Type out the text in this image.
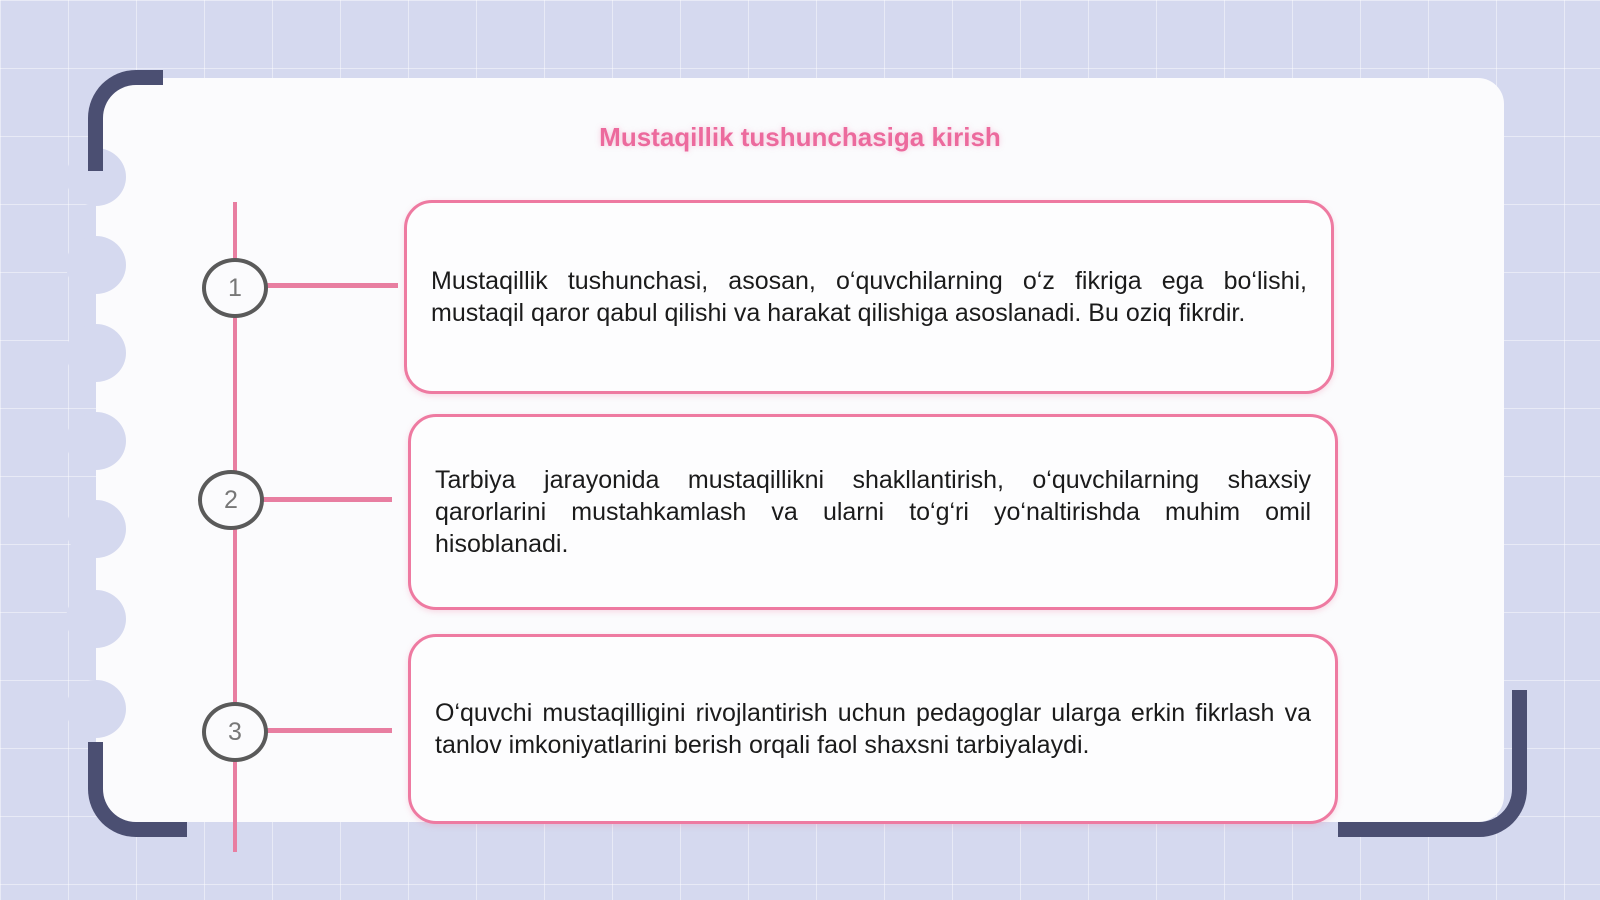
Mustaqillik tushunchasiga kirish
1
2
3

Mustaqillik tushunchasi, asosan, o‘quvchilarning o‘z fikriga ega bo‘lishi, mustaqil qaror qabul qilishi va harakat qilishiga asoslanadi. Bu oziq fikrdir.

Tarbiya jarayonida mustaqillikni shakllantirish, o‘quvchilarning shaxsiy qarorlarini mustahkamlash va ularni to‘g‘ri yo‘naltirishda muhim omil hisoblanadi.

O‘quvchi mustaqilligini rivojlantirish uchun pedagoglar ularga erkin fikrlash va tanlov imkoniyatlarini berish orqali faol shaxsni tarbiyalaydi.
